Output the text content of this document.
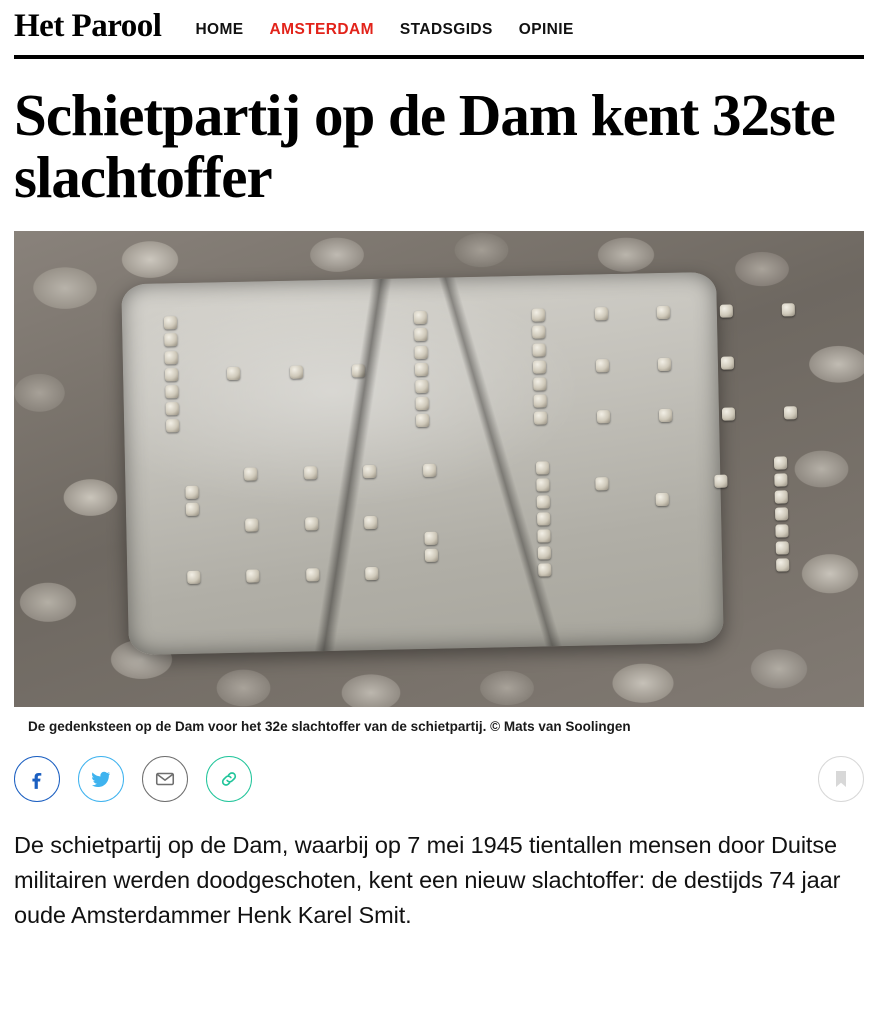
Het Parool HOME AMSTERDAM STADSGIDS OPINIE
Schietpartij op de Dam kent 32ste slachtoffer
De gedenksteen op de Dam voor het 32e slachtoffer van de schietpartij. © Mats van Soolingen

De schietpartij op de Dam, waarbij op 7 mei 1945 tientallen mensen door Duitse militairen werden doodgeschoten, kent een nieuw slachtoffer: de destijds 74 jaar oude Amsterdammer Henk Karel Smit.
